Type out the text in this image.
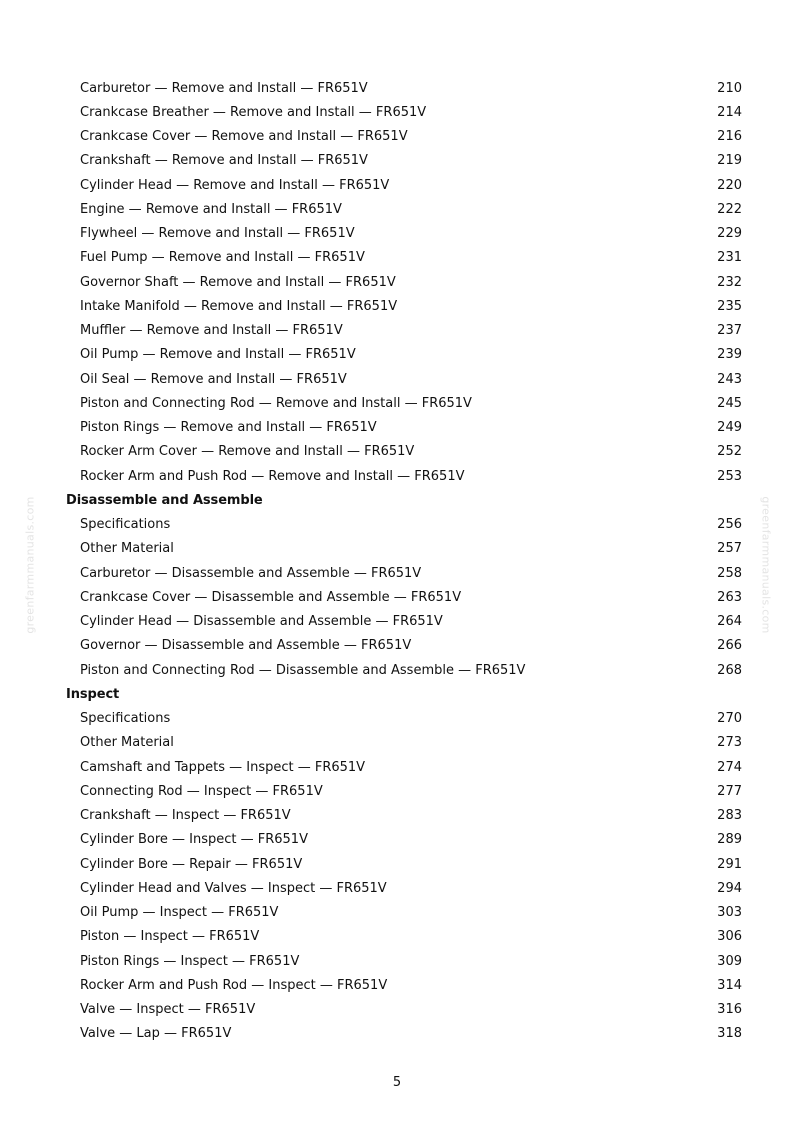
greenfarmmanuals.com	greenfarmmanuals.com
Carburetor — Remove and Install — FR651V	210
Crankcase Breather — Remove and Install — FR651V	214
Crankcase Cover — Remove and Install — FR651V	216
Crankshaft — Remove and Install — FR651V	219
Cylinder Head — Remove and Install — FR651V	220
Engine — Remove and Install — FR651V	222
Flywheel — Remove and Install — FR651V	229
Fuel Pump — Remove and Install — FR651V	231
Governor Shaft — Remove and Install — FR651V	232
Intake Manifold — Remove and Install — FR651V	235
Muffler — Remove and Install — FR651V	237
Oil Pump — Remove and Install — FR651V	239
Oil Seal — Remove and Install — FR651V	243
Piston and Connecting Rod — Remove and Install — FR651V	245
Piston Rings — Remove and Install — FR651V	249
Rocker Arm Cover — Remove and Install — FR651V	252
Rocker Arm and Push Rod — Remove and Install — FR651V	253
Disassemble and Assemble
Specifications	256
Other Material	257
Carburetor — Disassemble and Assemble — FR651V	258
Crankcase Cover — Disassemble and Assemble — FR651V	263
Cylinder Head — Disassemble and Assemble — FR651V	264
Governor — Disassemble and Assemble — FR651V	266
Piston and Connecting Rod — Disassemble and Assemble — FR651V	268
Inspect
Specifications	270
Other Material	273
Camshaft and Tappets — Inspect — FR651V	274
Connecting Rod — Inspect — FR651V	277
Crankshaft — Inspect — FR651V	283
Cylinder Bore — Inspect — FR651V	289
Cylinder Bore — Repair — FR651V	291
Cylinder Head and Valves — Inspect — FR651V	294
Oil Pump — Inspect — FR651V	303
Piston — Inspect — FR651V	306
Piston Rings — Inspect — FR651V	309
Rocker Arm and Push Rod — Inspect — FR651V	314
Valve — Inspect — FR651V	316
Valve — Lap — FR651V	318
5
